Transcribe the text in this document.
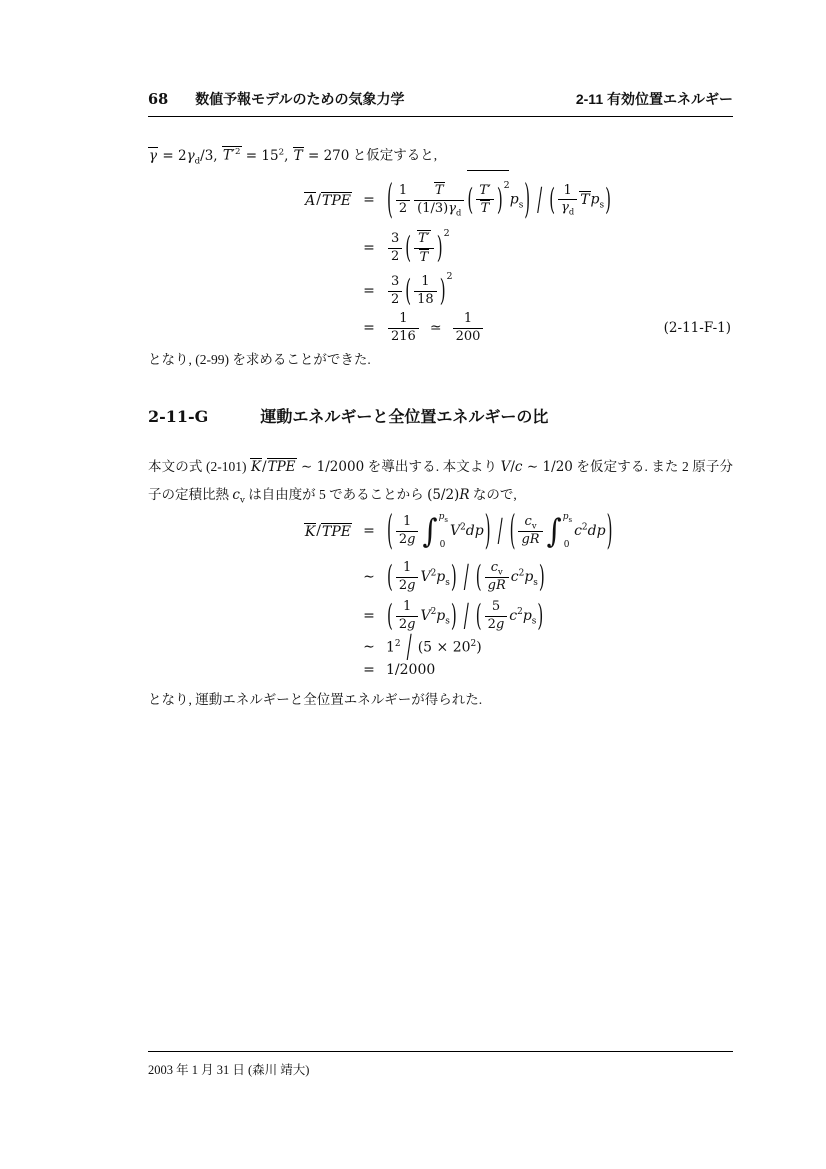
68 数値予報モデルのための気象力学	2-11 有効位置エネルギー
$\gamma = 2\gamma_d/3$, $T'^2 = 15^2$, T = 270 と仮定すると,
A / TPE = ( $\frac{1}{2} \frac{T}{(1/3)\gamma_d}$ ( $\frac{T'}{T} )^2p_s$) / ( $\frac{1}{\gamma_d} Tp_s$)
=	$\frac{3}{2}$ ( $\frac{T'}{T} )^2$
=	$\frac{3}{2}$ ( $\frac{1}{18} )^2$
=	$\frac{1}{216}$ ≃ $\frac{1}{200}$	(2-11-F-1)
となり, (2-99) を求めることができた.
2-11-G	運動エネルギーと全位置エネルギーの比
本文の式 (2-101) K/TPE ∼ 1/2000 を導出する. 本文より V/c ∼ 1/20 を仮定する. また 2 原子分子の定積比熱 $c_v$ は自由度が 5 であることから (5/2)R なので,
K / TPE = ( $\frac{1}{2g}$ ∫ $p_s$
0
$V^2dp$) / ( $\frac{c_v}{gR}$ ∫ $p_s$
0
$c^2dp$)
∼ ( $\frac{1}{2g} V^2p_s$) / ( $\frac{c_v}{gR} c^2p_s$)
= ( $\frac{1}{2g} V^2p_s$) / ( $\frac{5}{2g} c^2p_s$)
∼ $1^2 / (5 \times 20^2)$
= 1/2000
となり, 運動エネルギーと全位置エネルギーが得られた.
2003 年 1 月 31 日 (森川 靖大)
